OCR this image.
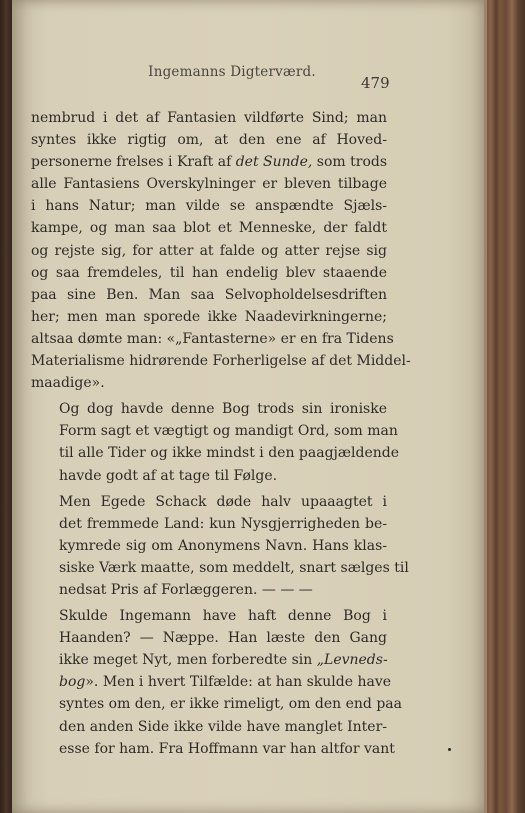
Ingemanns Digterværd.
479
nembrud i det af Fantasien vildførte Sind; man
syntes ikke rigtig om, at den ene af Hoved-
personerne frelses i Kraft af det Sunde, som trods
alle Fantasiens Overskylninger er bleven tilbage
i hans Natur; man vilde se anspændte Sjæls-
kampe, og man saa blot et Menneske, der faldt
og rejste sig, for atter at falde og atter rejse sig
og saa fremdeles, til han endelig blev staaende
paa sine Ben. Man saa Selvopholdelsesdriften
her; men man sporede ikke Naadevirkningerne;
altsaa dømte man: «„Fantasterne» er en fra Tidens
Materialisme hidrørende Forherligelse af det Middel-
maadige».
Og dog havde denne Bog trods sin ironiske
Form sagt et vægtigt og mandigt Ord, som man
til alle Tider og ikke mindst i den paagjældende
havde godt af at tage til Følge.
Men Egede Schack døde halv upaaagtet i
det fremmede Land: kun Nysgjerrigheden be-
kymrede sig om Anonymens Navn. Hans klas-
siske Værk maatte, som meddelt, snart sælges til
nedsat Pris af Forlæggeren. — — —
Skulde Ingemann have haft denne Bog i
Haanden? — Næppe. Han læste den Gang
ikke meget Nyt, men forberedte sin „Levneds-
bog». Men i hvert Tilfælde: at han skulde have
syntes om den, er ikke rimeligt, om den end paa
den anden Side ikke vilde have manglet Inter-
esse for ham. Fra Hoffmann var han altfor vant
